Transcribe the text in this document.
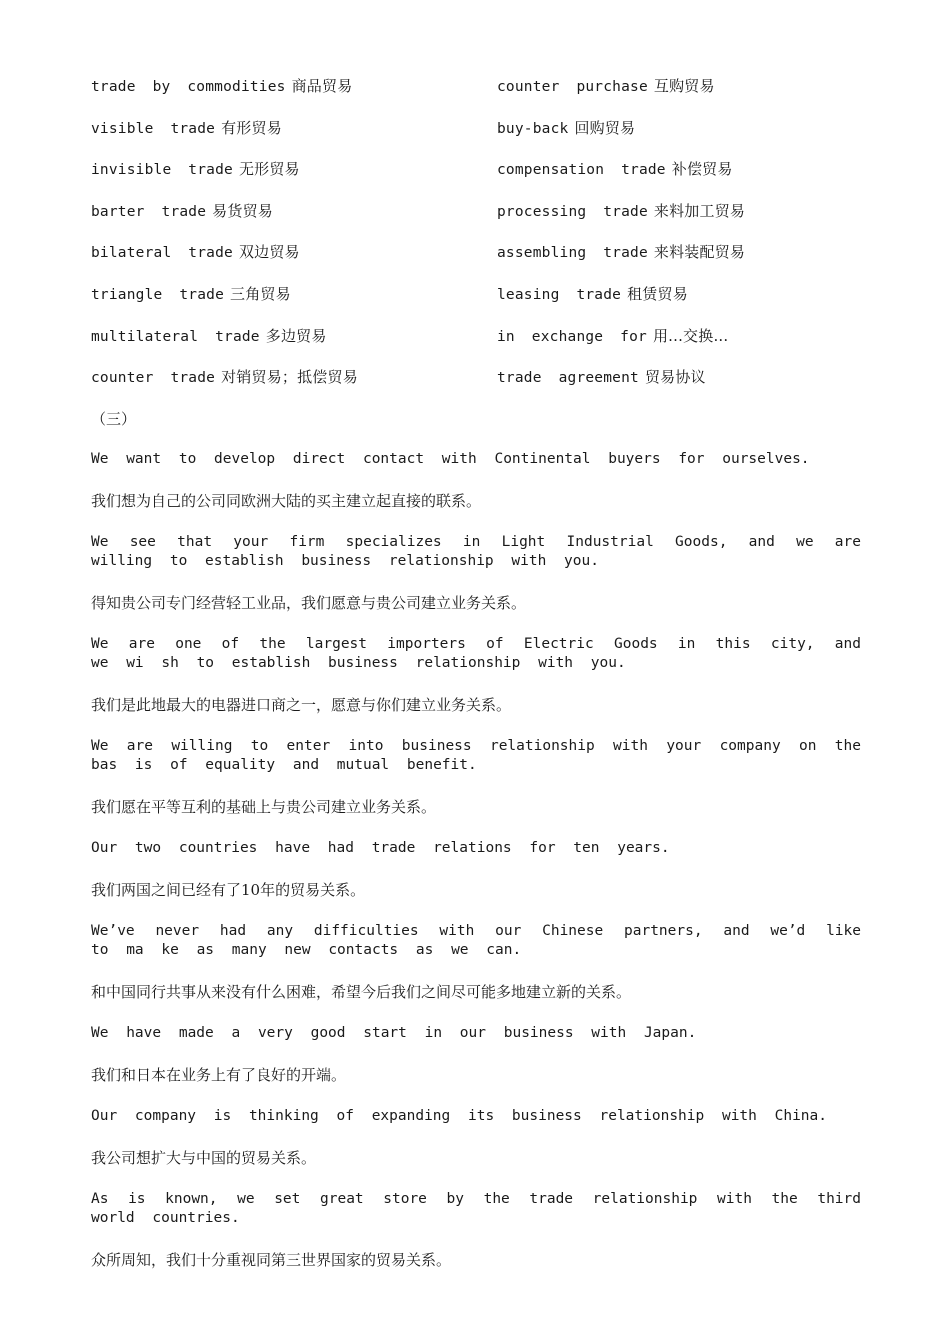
trade by commodities 商品贸易	counter purchase 互购贸易
visible trade 有形贸易	buy-back 回购贸易
invisible trade 无形贸易	compensation trade 补偿贸易
barter trade 易货贸易	processing trade 来料加工贸易
bilateral trade 双边贸易	assembling trade 来料装配贸易
triangle trade 三角贸易	leasing trade 租赁贸易
multilateral trade 多边贸易	in exchange for 用...交换...
counter trade 对销贸易；抵偿贸易	trade agreement 贸易协议
（三）

We want to develop direct contact with Continental buyers for ourselves.

我们想为自己的公司同欧洲大陆的买主建立起直接的联系。

We see that your firm specializes in Light Industrial Goods, and we are willing to establish business relationship with you.

得知贵公司专门经营轻工业品，我们愿意与贵公司建立业务关系。

We are one of the largest importers of Electric Goods in this city, and we wi sh to establish business relationship with you.

我们是此地最大的电器进口商之一，愿意与你们建立业务关系。

We are willing to enter into business relationship with your company on the bas is of equality and mutual benefit.

我们愿在平等互利的基础上与贵公司建立业务关系。

Our two countries have had trade relations for ten years.

我们两国之间已经有了10年的贸易关系。

We’ve never had any difficulties with our Chinese partners, and we’d like to ma ke as many new contacts as we can.

和中国同行共事从来没有什么困难，希望今后我们之间尽可能多地建立新的关系。

We have made a very good start in our business with Japan.

我们和日本在业务上有了良好的开端。

Our company is thinking of expanding its business relationship with China.

我公司想扩大与中国的贸易关系。

As is known, we set great store by the trade relationship with the third world countries.

众所周知，我们十分重视同第三世界国家的贸易关系。
